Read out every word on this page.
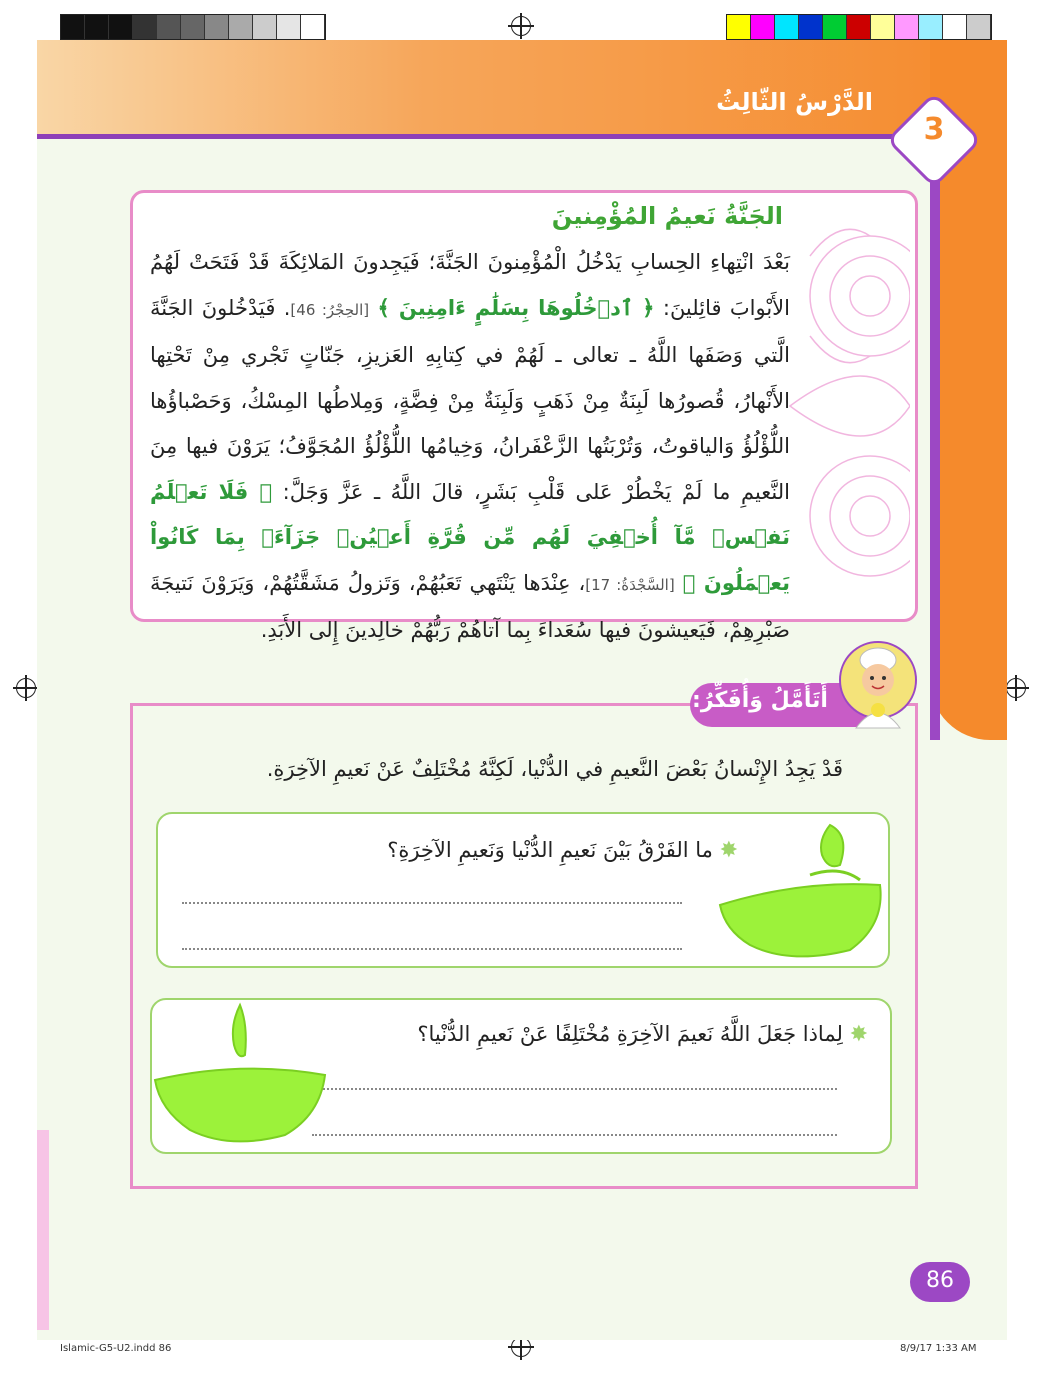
الدَّرْسُ الثّالِثُ
3
الجَنَّةُ نَعيمُ المُؤْمِنينَ
بَعْدَ انْتِهاءِ الحِسابِ يَدْخُلُ الْمُؤْمِنونَ الجَنَّةَ؛ فَيَجِدونَ المَلائِكَةَ قَدْ فَتَحَتْ لَهُمُ الأَبْوابَ قائِلينَ: ﴿ ٱدۡخُلُوهَا بِسَلَٰمٍ ءَامِنِينَ ﴾ [الحِجْرُ: 46]. فَيَدْخُلونَ الجَنَّةَ الَّتي وَصَفَها اللَّهُ ـ تعالى ـ لَهُمْ في كِتابِهِ العَزيزِ، جَنّاتٍ تَجْري مِنْ تَحْتِها الأَنْهارُ، قُصورُها لَبِنَةٌ مِنْ ذَهَبٍ وَلَبِنَةٌ مِنْ فِضَّةٍ، وَمِلاطُها المِسْكُ، وَحَصْباؤُها اللُّؤْلُؤُ وَالياقوتُ، وَتُرْبَتُها الزَّعْفَرانُ، وَخِيامُها اللُّؤْلُؤُ المُجَوَّفُ؛ يَرَوْنَ فيها مِنَ النَّعيمِ ما لَمْ يَخْطُرْ عَلى قَلْبِ بَشَرٍ، قالَ اللَّهُ ـ عَزَّ وَجَلَّ: ﴿ فَلَا تَعۡلَمُ نَفۡسٞ مَّآ أُخۡفِيَ لَهُم مِّن قُرَّةِ أَعۡيُنٖ جَزَآءَۢ بِمَا كَانُواْ يَعۡمَلُونَ ﴾ [السَّجْدَةُ: 17]، عِنْدَها يَنْتَهي تَعَبُهُمْ، وَتَزولُ مَشَقَّتُهُمْ، وَيَرَوْنَ نَتيجَةَ صَبْرِهِمْ، فَيَعيشونَ فيها سُعَداءَ بِما آتاهُمْ رَبُّهُمْ خالِدينَ إِلى الأَبَدِ.
أَتَأَمَّلُ وَأُفَكِّرُ:
قَدْ يَجِدُ الإِنْسانُ بَعْضَ النَّعيمِ في الدُّنْيا، لَكِنَّهُ مُخْتَلِفٌ عَنْ نَعيمِ الآخِرَةِ.
✸ ما الفَرْقُ بَيْنَ نَعيمِ الدُّنْيا وَنَعيمِ الآخِرَةِ؟
✸ لِماذا جَعَلَ اللَّهُ نَعيمَ الآخِرَةِ مُخْتَلِفًا عَنْ نَعيمِ الدُّنْيا؟
86
Islamic-G5-U2.indd 86	8/9/17 1:33 AM
